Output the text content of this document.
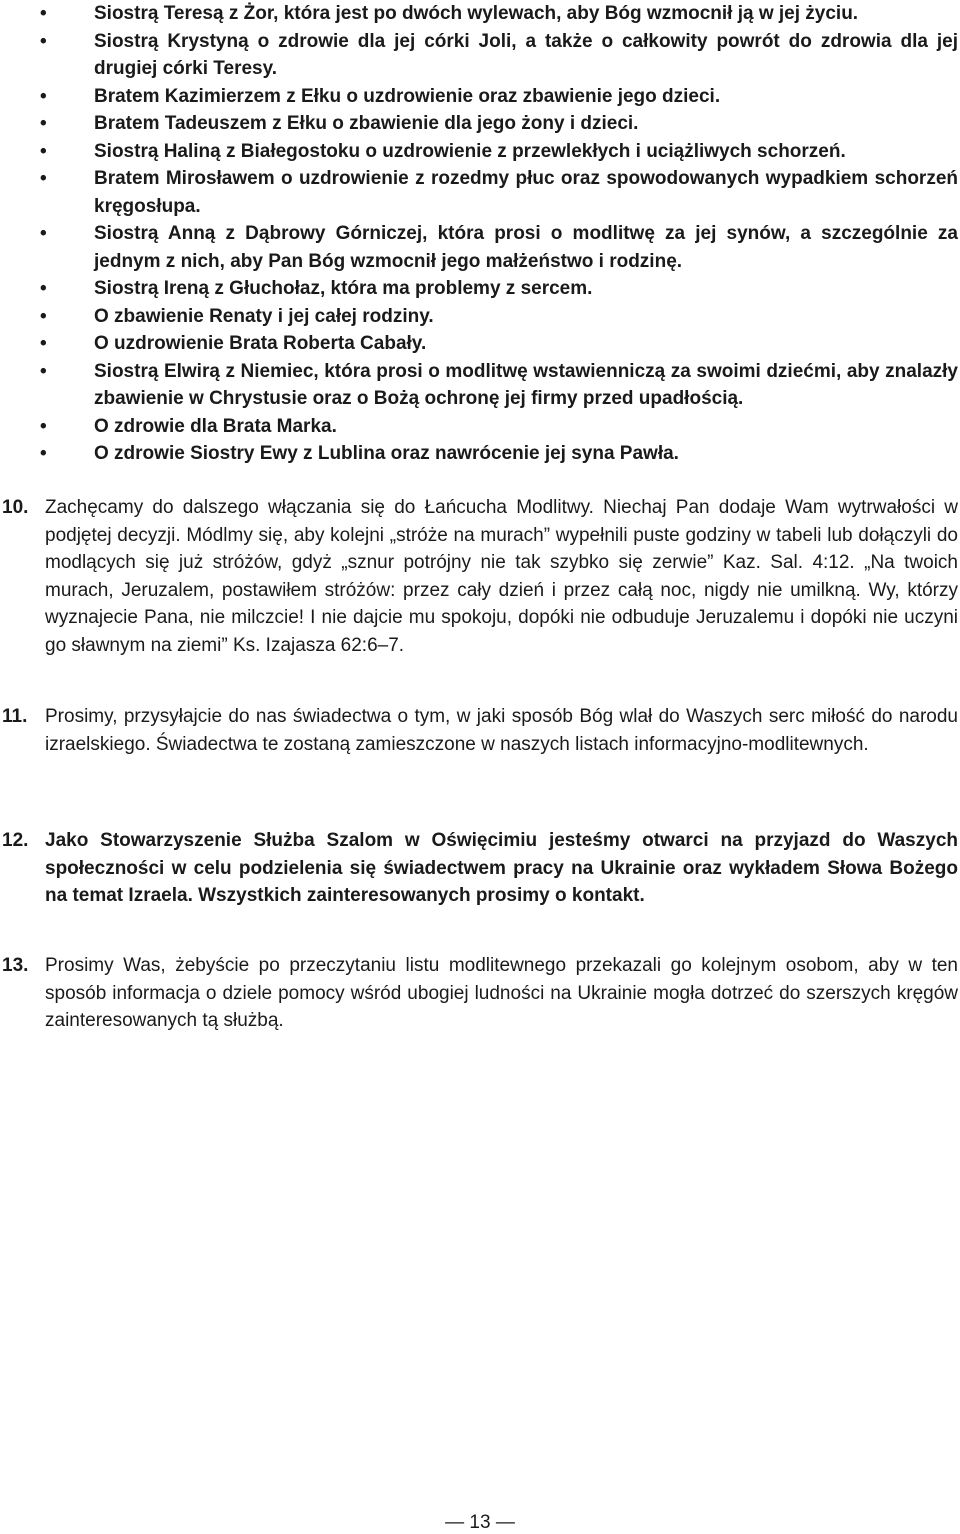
• Siostrą Teresą z Żor, która jest po dwóch wylewach, aby Bóg wzmocnił ją w jej życiu.
• Siostrą Krystyną o zdrowie dla jej córki Joli, a także o całkowity powrót do zdrowia dla jej drugiej córki Teresy.
• Bratem Kazimierzem z Ełku o uzdrowienie oraz zbawienie jego dzieci.
• Bratem Tadeuszem z Ełku o zbawienie dla jego żony i dzieci.
• Siostrą Haliną z Białegostoku o uzdrowienie z przewlekłych i uciążliwych schorzeń.
• Bratem Mirosławem o uzdrowienie z rozedmy płuc oraz spowodowanych wypadkiem schorzeń kręgosłupa.
• Siostrą Anną z Dąbrowy Górniczej, która prosi o modlitwę za jej synów, a szczególnie za jednym z nich, aby Pan Bóg wzmocnił jego małżeństwo i rodzinę.
• Siostrą Ireną z Głuchołaz, która ma problemy z sercem.
• O zbawienie Renaty i jej całej rodziny.
• O uzdrowienie Brata Roberta Cabały.
• Siostrą Elwirą z Niemiec, która prosi o modlitwę wstawienniczą za swoimi dziećmi, aby znalazły zbawienie w Chrystusie oraz o Bożą ochronę jej firmy przed upadłością.
• O zdrowie dla Brata Marka.
• O zdrowie Siostry Ewy z Lublina oraz nawrócenie jej syna Pawła.
10. Zachęcamy do dalszego włączania się do Łańcucha Modlitwy. Niechaj Pan dodaje Wam wytrwałości w podjętej decyzji. Módlmy się, aby kolejni „stróże na murach” wypełnili puste godziny w tabeli lub dołączyli do modlących się już stróżów, gdyż „sznur potrójny nie tak szybko się zerwie” Kaz. Sal. 4:12. „Na twoich murach, Jeruzalem, postawiłem stróżów: przez cały dzień i przez całą noc, nigdy nie umilkną. Wy, którzy wyznajecie Pana, nie milczcie! I nie dajcie mu spokoju, dopóki nie odbuduje Jeruzalemu i dopóki nie uczyni go sławnym na ziemi” Ks. Izajasza 62:6–7.
11. Prosimy, przysyłajcie do nas świadectwa o tym, w jaki sposób Bóg wlał do Waszych serc miłość do narodu izraelskiego. Świadectwa te zostaną zamieszczone w naszych listach informacyjno-modlitewnych.
12. Jako Stowarzyszenie Służba Szalom w Oświęcimiu jesteśmy otwarci na przyjazd do Waszych społeczności w celu podzielenia się świadectwem pracy na Ukrainie oraz wykładem Słowa Bożego na temat Izraela. Wszystkich zainteresowanych prosimy o kontakt.
13. Prosimy Was, żebyście po przeczytaniu listu modlitewnego przekazali go kolejnym osobom, aby w ten sposób informacja o dziele pomocy wśród ubogiej ludności na Ukrainie mogła dotrzeć do szerszych kręgów zainteresowanych tą służbą.
— 13 —
